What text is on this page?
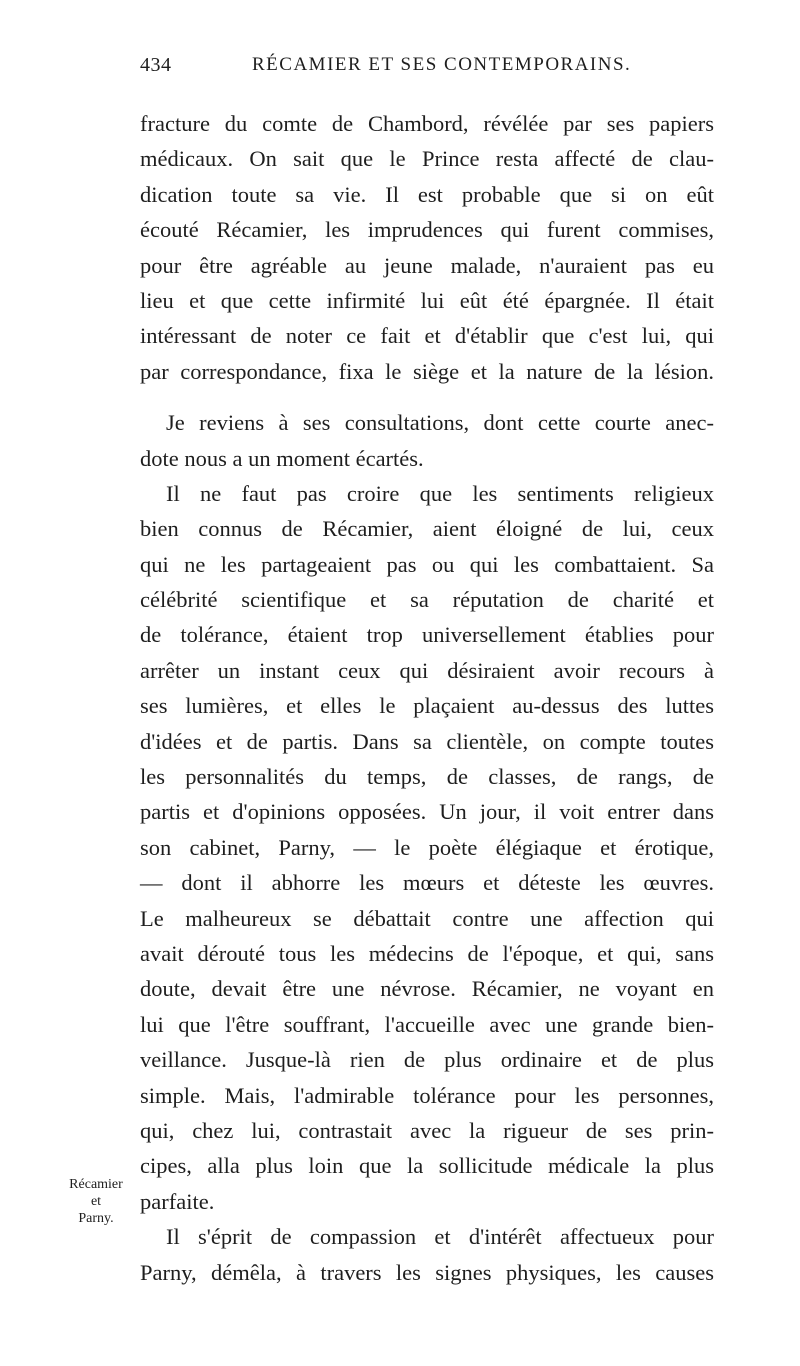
434	RÉCAMIER ET SES CONTEMPORAINS.
fracture du comte de Chambord, révélée par ses papiers
médicaux. On sait que le Prince resta affecté de clau-
dication toute sa vie. Il est probable que si on eût
écouté Récamier, les imprudences qui furent commises,
pour être agréable au jeune malade, n'auraient pas eu
lieu et que cette infirmité lui eût été épargnée. Il était
intéressant de noter ce fait et d'établir que c'est lui, qui
par correspondance, fixa le siège et la nature de la lésion.
Je reviens à ses consultations, dont cette courte anec-
dote nous a un moment écartés.
Il ne faut pas croire que les sentiments religieux
bien connus de Récamier, aient éloigné de lui, ceux
qui ne les partageaient pas ou qui les combattaient. Sa
célébrité scientifique et sa réputation de charité et
de tolérance, étaient trop universellement établies pour
arrêter un instant ceux qui désiraient avoir recours à
ses lumières, et elles le plaçaient au-dessus des luttes
d'idées et de partis. Dans sa clientèle, on compte toutes
les personnalités du temps, de classes, de rangs, de
partis et d'opinions opposées. Un jour, il voit entrer dans
son cabinet, Parny, — le poète élégiaque et érotique,
— dont il abhorre les mœurs et déteste les œuvres.
Le malheureux se débattait contre une affection qui
avait dérouté tous les médecins de l'époque, et qui, sans
doute, devait être une névrose. Récamier, ne voyant en
lui que l'être souffrant, l'accueille avec une grande bien-
veillance. Jusque-là rien de plus ordinaire et de plus
simple. Mais, l'admirable tolérance pour les personnes,
qui, chez lui, contrastait avec la rigueur de ses prin-
cipes, alla plus loin que la sollicitude médicale la plus
parfaite.
Il s'éprit de compassion et d'intérêt affectueux pour
Parny, démêla, à travers les signes physiques, les causes
Récamier
et
Parny.
